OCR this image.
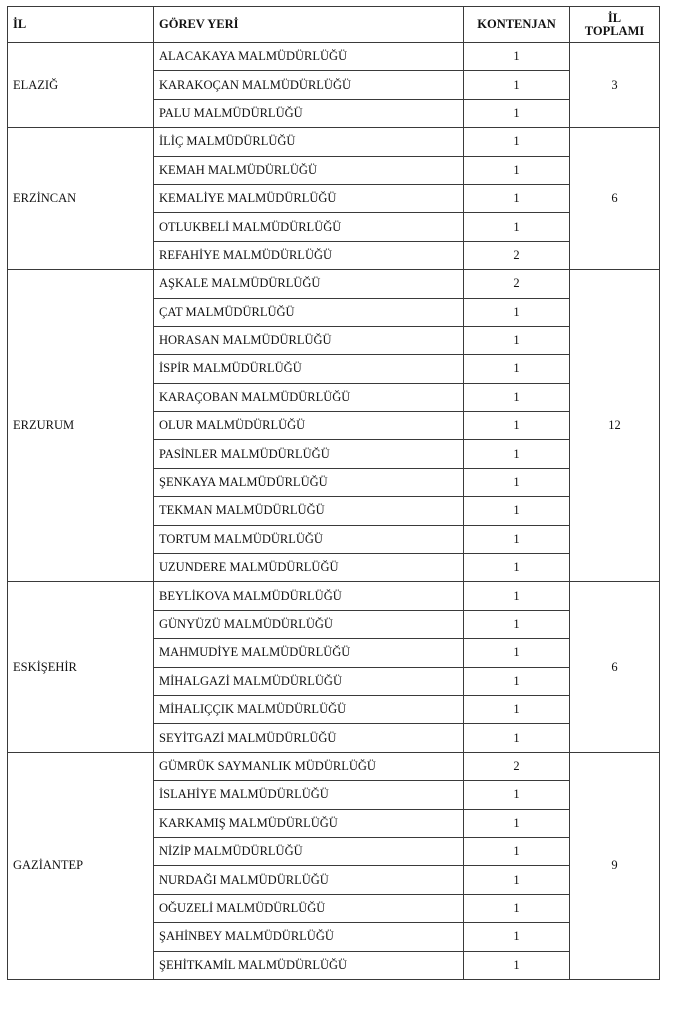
İL	GÖREV YERİ	KONTENJAN	İL
TOPLAMI
ELAZIĞ	ALACAKAYA MALMÜDÜRLÜĞÜ	1	3
	KARAKOÇAN MALMÜDÜRLÜĞÜ	1	
	PALU MALMÜDÜRLÜĞÜ	1	
ERZİNCAN	İLİÇ MALMÜDÜRLÜĞÜ	1	6
	KEMAH MALMÜDÜRLÜĞÜ	1	
	KEMALİYE MALMÜDÜRLÜĞÜ	1	
	OTLUKBELİ MALMÜDÜRLÜĞÜ	1	
	REFAHİYE MALMÜDÜRLÜĞÜ	2	
ERZURUM	AŞKALE MALMÜDÜRLÜĞÜ	2	12
	ÇAT MALMÜDÜRLÜĞÜ	1	
	HORASAN MALMÜDÜRLÜĞÜ	1	
	İSPİR MALMÜDÜRLÜĞÜ	1	
	KARAÇOBAN MALMÜDÜRLÜĞÜ	1	
	OLUR MALMÜDÜRLÜĞÜ	1	
	PASİNLER MALMÜDÜRLÜĞÜ	1	
	ŞENKAYA MALMÜDÜRLÜĞÜ	1	
	TEKMAN MALMÜDÜRLÜĞÜ	1	
	TORTUM MALMÜDÜRLÜĞÜ	1	
	UZUNDERE MALMÜDÜRLÜĞÜ	1	
ESKİŞEHİR	BEYLİKOVA MALMÜDÜRLÜĞÜ	1	6
	GÜNYÜZÜ MALMÜDÜRLÜĞÜ	1	
	MAHMUDİYE MALMÜDÜRLÜĞÜ	1	
	MİHALGAZİ MALMÜDÜRLÜĞÜ	1	
	MİHALIÇÇIK MALMÜDÜRLÜĞÜ	1	
	SEYİTGAZİ MALMÜDÜRLÜĞÜ	1	
GAZİANTEP	GÜMRÜK SAYMANLIK MÜDÜRLÜĞÜ	2	9
	İSLAHİYE MALMÜDÜRLÜĞÜ	1	
	KARKAMIŞ MALMÜDÜRLÜĞÜ	1	
	NİZİP MALMÜDÜRLÜĞÜ	1	
	NURDAĞI MALMÜDÜRLÜĞÜ	1	
	OĞUZELİ MALMÜDÜRLÜĞÜ	1	
	ŞAHİNBEY MALMÜDÜRLÜĞÜ	1	
	ŞEHİTKAMİL MALMÜDÜRLÜĞÜ	1	
